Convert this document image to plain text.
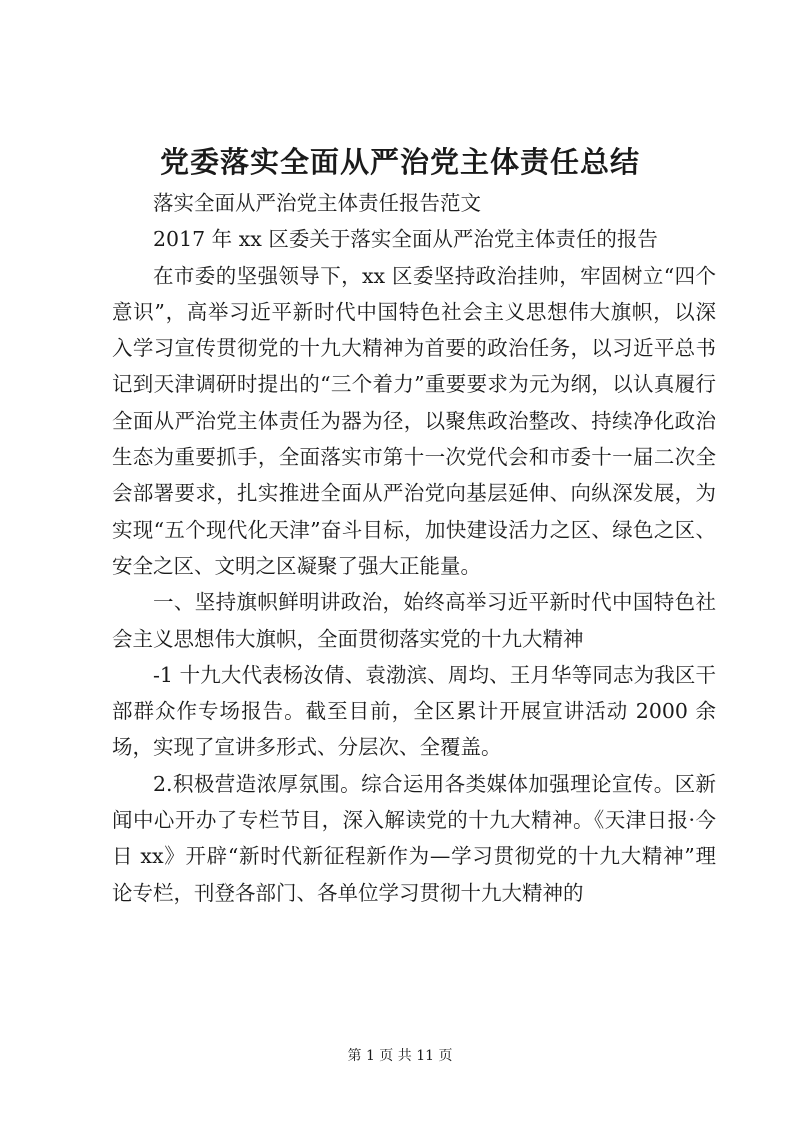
党委落实全面从严治党主体责任总结

落实全面从严治党主体责任报告范文

2017 年 xx 区委关于落实全面从严治党主体责任的报告

在市委的坚强领导下，xx 区委坚持政治挂帅，牢固树立“四个意识”，高举习近平新时代中国特色社会主义思想伟大旗帜，以深入学习宣传贯彻党的十九大精神为首要的政治任务，以习近平总书记到天津调研时提出的“三个着力”重要要求为元为纲，以认真履行全面从严治党主体责任为器为径，以聚焦政治整改、持续净化政治生态为重要抓手，全面落实市第十一次党代会和市委十一届二次全会部署要求，扎实推进全面从严治党向基层延伸、向纵深发展，为实现“五个现代化天津”奋斗目标，加快建设活力之区、绿色之区、安全之区、文明之区凝聚了强大正能量。

一、坚持旗帜鲜明讲政治，始终高举习近平新时代中国特色社会主义思想伟大旗帜，全面贯彻落实党的十九大精神

-1 十九大代表杨汝倩、袁渤滨、周均、王月华等同志为我区干部群众作专场报告。截至目前，全区累计开展宣讲活动 2000 余场，实现了宣讲多形式、分层次、全覆盖。

2.积极营造浓厚氛围。综合运用各类媒体加强理论宣传。区新闻中心开办了专栏节目，深入解读党的十九大精神。《天津日报·今日 xx》开辟“新时代新征程新作为—学习贯彻党的十九大精神”理论专栏，刊登各部门、各单位学习贯彻十九大精神的

第 1 页 共 11 页
